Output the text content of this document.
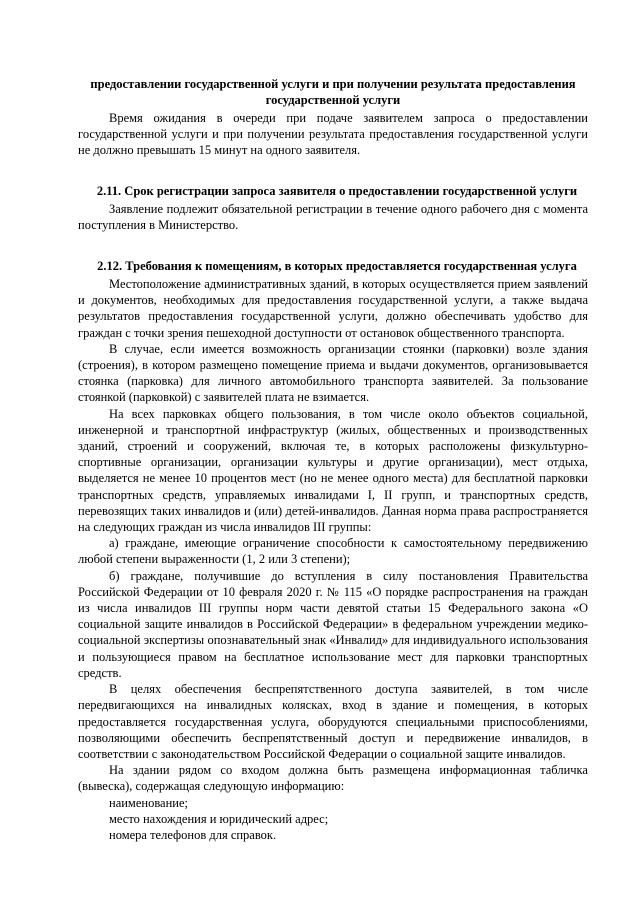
предоставлении государственной услуги и при получении результата предоставления государственной услуги

Время ожидания в очереди при подаче заявителем запроса о предоставлении государственной услуги и при получении результата предоставления государственной услуги не должно превышать 15 минут на одного заявителя.

2.11. Срок регистрации запроса заявителя о предоставлении государственной услуги

Заявление подлежит обязательной регистрации в течение одного рабочего дня с момента поступления в Министерство.

2.12. Требования к помещениям, в которых предоставляется государственная услуга

Местоположение административных зданий, в которых осуществляется прием заявлений и документов, необходимых для предоставления государственной услуги, а также выдача результатов предоставления государственной услуги, должно обеспечивать удобство для граждан с точки зрения пешеходной доступности от остановок общественного транспорта.

В случае, если имеется возможность организации стоянки (парковки) возле здания (строения), в котором размещено помещение приема и выдачи документов, организовывается стоянка (парковка) для личного автомобильного транспорта заявителей. За пользование стоянкой (парковкой) с заявителей плата не взимается.

На всех парковках общего пользования, в том числе около объектов социальной, инженерной и транспортной инфраструктур (жилых, общественных и производственных зданий, строений и сооружений, включая те, в которых расположены физкультурно-спортивные организации, организации культуры и другие организации), мест отдыха, выделяется не менее 10 процентов мест (но не менее одного места) для бесплатной парковки транспортных средств, управляемых инвалидами I, II групп, и транспортных средств, перевозящих таких инвалидов и (или) детей-инвалидов. Данная норма права распространяется на следующих граждан из числа инвалидов III группы:

а) граждане, имеющие ограничение способности к самостоятельному передвижению любой степени выраженности (1, 2 или 3 степени);

б) граждане, получившие до вступления в силу постановления Правительства Российской Федерации от 10 февраля 2020 г. № 115 «О порядке распространения на граждан из числа инвалидов III группы норм части девятой статьи 15 Федерального закона «О социальной защите инвалидов в Российской Федерации» в федеральном учреждении медико-социальной экспертизы опознавательный знак «Инвалид» для индивидуального использования и пользующиеся правом на бесплатное использование мест для парковки транспортных средств.

В целях обеспечения беспрепятственного доступа заявителей, в том числе передвигающихся на инвалидных колясках, вход в здание и помещения, в которых предоставляется государственная услуга, оборудуются специальными приспособлениями, позволяющими обеспечить беспрепятственный доступ и передвижение инвалидов, в соответствии с законодательством Российской Федерации о социальной защите инвалидов.

На здании рядом со входом должна быть размещена информационная табличка (вывеска), содержащая следующую информацию:

наименование;

место нахождения и юридический адрес;

номера телефонов для справок.
